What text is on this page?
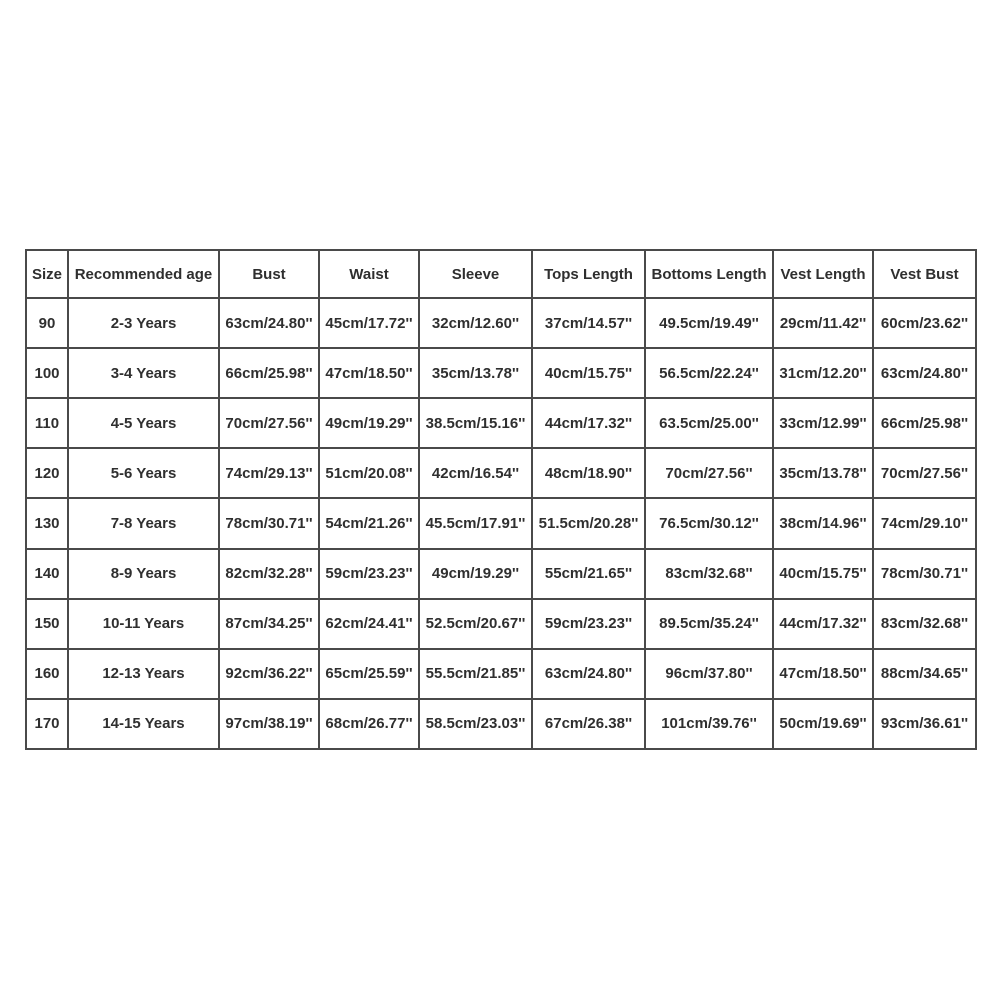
Size	Recommended age	Bust	Waist	Sleeve	Tops Length	Bottoms Length	Vest Length	Vest Bust
90	2-3 Years	63cm/24.80''	45cm/17.72''	32cm/12.60''	37cm/14.57''	49.5cm/19.49''	29cm/11.42''	60cm/23.62''
100	3-4 Years	66cm/25.98''	47cm/18.50''	35cm/13.78''	40cm/15.75''	56.5cm/22.24''	31cm/12.20''	63cm/24.80''
110	4-5 Years	70cm/27.56''	49cm/19.29''	38.5cm/15.16''	44cm/17.32''	63.5cm/25.00''	33cm/12.99''	66cm/25.98''
120	5-6 Years	74cm/29.13''	51cm/20.08''	42cm/16.54''	48cm/18.90''	70cm/27.56''	35cm/13.78''	70cm/27.56''
130	7-8 Years	78cm/30.71''	54cm/21.26''	45.5cm/17.91''	51.5cm/20.28''	76.5cm/30.12''	38cm/14.96''	74cm/29.10''
140	8-9 Years	82cm/32.28''	59cm/23.23''	49cm/19.29''	55cm/21.65''	83cm/32.68''	40cm/15.75''	78cm/30.71''
150	10-11 Years	87cm/34.25''	62cm/24.41''	52.5cm/20.67''	59cm/23.23''	89.5cm/35.24''	44cm/17.32''	83cm/32.68''
160	12-13 Years	92cm/36.22''	65cm/25.59''	55.5cm/21.85''	63cm/24.80''	96cm/37.80''	47cm/18.50''	88cm/34.65''
170	14-15 Years	97cm/38.19''	68cm/26.77''	58.5cm/23.03''	67cm/26.38''	101cm/39.76''	50cm/19.69''	93cm/36.61''
